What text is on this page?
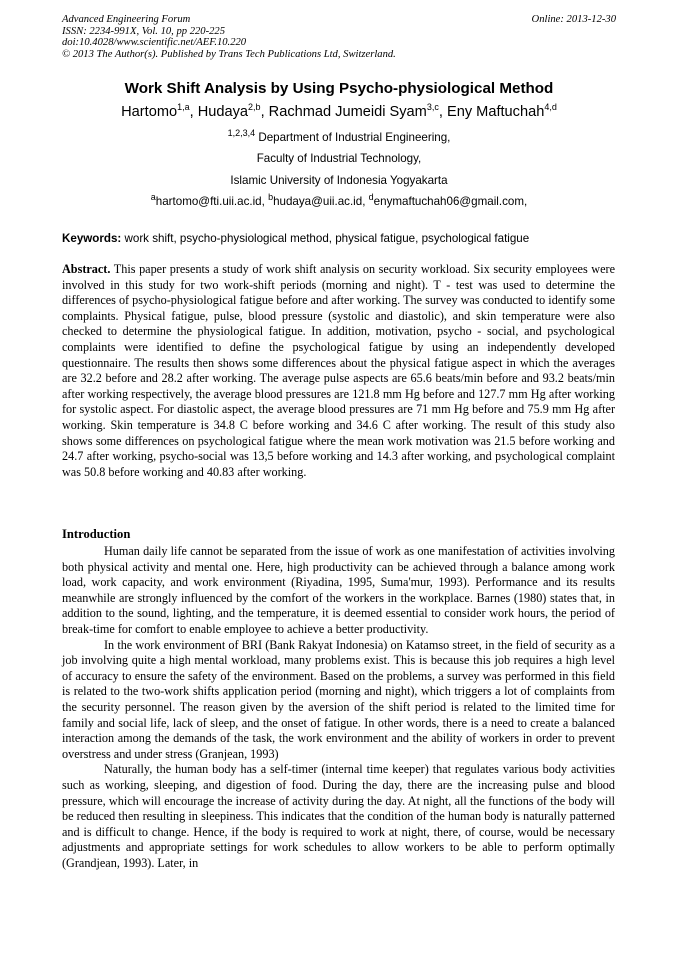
Advanced Engineering Forum
ISSN: 2234-991X, Vol. 10, pp 220-225
doi:10.4028/www.scientific.net/AEF.10.220
© 2013 The Author(s). Published by Trans Tech Publications Ltd, Switzerland.
Online: 2013-12-30
Work Shift Analysis by Using Psycho-physiological Method
Hartomo$^{1,a}$, Hudaya$^{2,b}$, Rachmad Jumeidi Syam$^{3,c}$, Eny Maftuchah$^{4,d}$
$^{1,2,3,4}$ Department of Industrial Engineering,
Faculty of Industrial Technology,
Islamic University of Indonesia Yogyakarta
$^a$hartomo@fti.uii.ac.id, $^b$hudaya@uii.ac.id, $^d$enymaftuchah06@gmail.com,
Keywords: work shift, psycho-physiological method, physical fatigue, psychological fatigue

Abstract. This paper presents a study of work shift analysis on security workload. Six security employees were involved in this study for two work-shift periods (morning and night). T - test was used to determine the differences of psycho-physiological fatigue before and after working. The survey was conducted to identify some complaints. Physical fatigue, pulse, blood pressure (systolic and diastolic), and skin temperature were also checked to determine the physiological fatigue. In addition, motivation, psycho - social, and psychological complaints were identified to define the psychological fatigue by using an independently developed questionnaire. The results then shows some differences about the physical fatigue aspect in which the averages are 32.2 before and 28.2 after working. The average pulse aspects are 65.6 beats/min before and 93.2 beats/min after working respectively, the average blood pressures are 121.8 mm Hg before and 127.7 mm Hg after working for systolic aspect. For diastolic aspect, the average blood pressures are 71 mm Hg before and 75.9 mm Hg after working. Skin temperature is 34.8 C before working and 34.6 C after working. The result of this study also shows some differences on psychological fatigue where the mean work motivation was 21.5 before working and 24.7 after working, psycho-social was 13,5 before working and 14.3 after working, and psychological complaint was 50.8 before working and 40.83 after working.

Introduction

Human daily life cannot be separated from the issue of work as one manifestation of activities involving both physical activity and mental one. Here, high productivity can be achieved through a balance among work load, work capacity, and work environment (Riyadina, 1995, Suma'mur, 1993). Performance and its results meanwhile are strongly influenced by the comfort of the workers in the workplace. Barnes (1980) states that, in addition to the sound, lighting, and the temperature, it is deemed essential to consider work hours, the period of break-time for comfort to enable employee to achieve a better productivity.

In the work environment of BRI (Bank Rakyat Indonesia) on Katamso street, in the field of security as a job involving quite a high mental workload, many problems exist. This is because this job requires a high level of accuracy to ensure the safety of the environment. Based on the problems, a survey was performed in this field is related to the two-work shifts application period (morning and night), which triggers a lot of complaints from the security personnel. The reason given by the aversion of the shift period is related to the limited time for family and social life, lack of sleep, and the onset of fatigue. In other words, there is a need to create a balanced interaction among the demands of the task, the work environment and the ability of workers in order to prevent overstress and under stress (Granjean, 1993)

Naturally, the human body has a self-timer (internal time keeper) that regulates various body activities such as working, sleeping, and digestion of food. During the day, there are the increasing pulse and blood pressure, which will encourage the increase of activity during the day. At night, all the functions of the body will be reduced then resulting in sleepiness. This indicates that the condition of the human body is naturally patterned and is difficult to change. Hence, if the body is required to work at night, there, of course, would be necessary adjustments and appropriate settings for work schedules to allow workers to be able to perform optimally (Grandjean, 1993). Later, in
